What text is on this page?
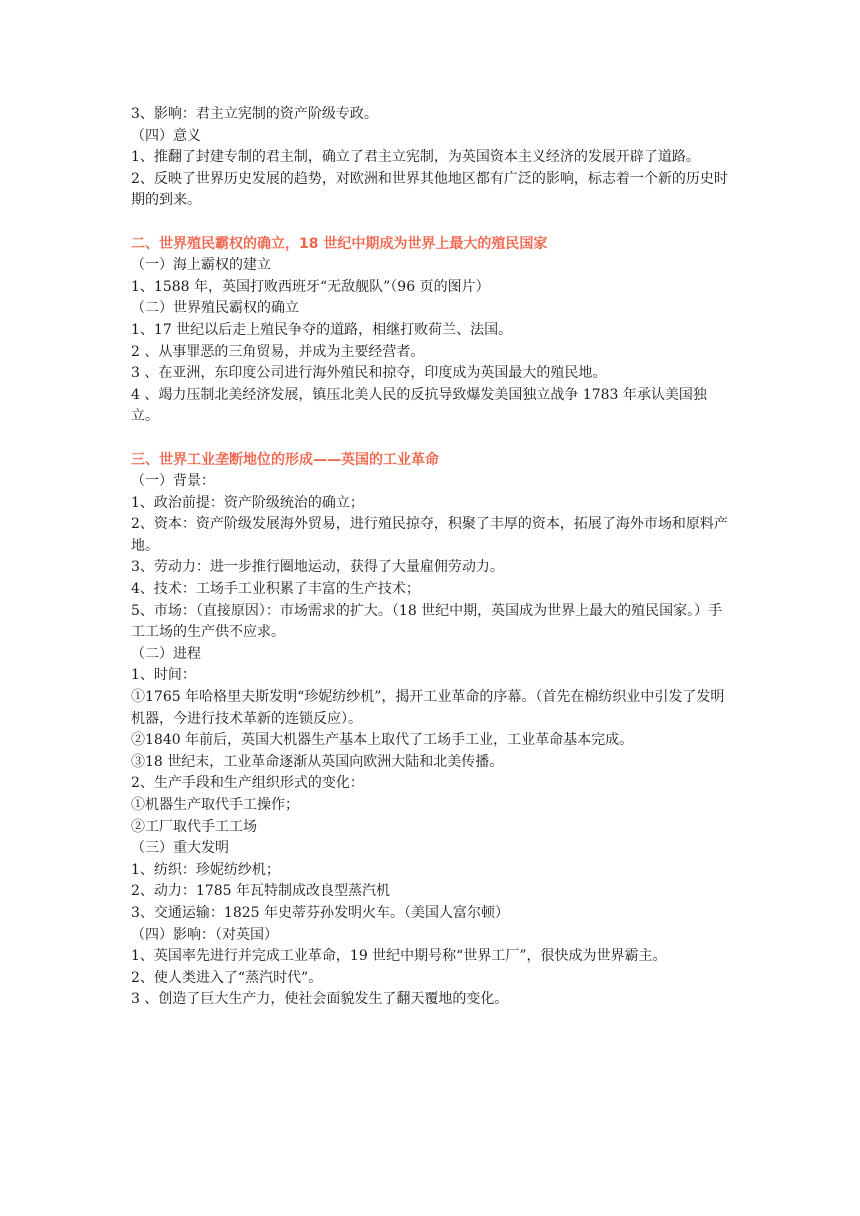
3、影响：君主立宪制的资产阶级专政。
（四）意义
1、推翻了封建专制的君主制，确立了君主立宪制，为英国资本主义经济的发展开辟了道路。
2、反映了世界历史发展的趋势，对欧洲和世界其他地区都有广泛的影响，标志着一个新的历史时期的到来。
二、世界殖民霸权的确立，18 世纪中期成为世界上最大的殖民国家
（一）海上霸权的建立
1、1588 年，英国打败西班牙“无敌舰队”（96 页的图片）
（二）世界殖民霸权的确立
1、17 世纪以后走上殖民争夺的道路，相继打败荷兰、法国。
2 、从事罪恶的三角贸易，并成为主要经营者。
3 、在亚洲，东印度公司进行海外殖民和掠夺，印度成为英国最大的殖民地。
4 、竭力压制北美经济发展，镇压北美人民的反抗导致爆发美国独立战争 1783 年承认美国独立。
三、世界工业垄断地位的形成——英国的工业革命
（一）背景：
1、政治前提：资产阶级统治的确立；
2、资本：资产阶级发展海外贸易，进行殖民掠夺，积聚了丰厚的资本，拓展了海外市场和原料产地。
3、劳动力：进一步推行圈地运动，获得了大量雇佣劳动力。
4、技术：工场手工业积累了丰富的生产技术；
5、市场：（直接原因）：市场需求的扩大。（18 世纪中期，英国成为世界上最大的殖民国家。）手工工场的生产供不应求。
（二）进程
1、时间：
①1765 年哈格里夫斯发明“珍妮纺纱机”，揭开工业革命的序幕。（首先在棉纺织业中引发了发明机器，今进行技术革新的连锁反应）。
②1840 年前后，英国大机器生产基本上取代了工场手工业，工业革命基本完成。
③18 世纪末，工业革命逐渐从英国向欧洲大陆和北美传播。
2、生产手段和生产组织形式的变化：
①机器生产取代手工操作；
②工厂取代手工工场
（三）重大发明
1、纺织：珍妮纺纱机；
2、动力：1785 年瓦特制成改良型蒸汽机
3、交通运输：1825 年史蒂芬孙发明火车。（美国人富尔顿）
（四）影响：（对英国）
1、英国率先进行并完成工业革命，19 世纪中期号称“世界工厂”，很快成为世界霸主。
2、使人类进入了“蒸汽时代”。
3 、创造了巨大生产力，使社会面貌发生了翻天覆地的变化。
